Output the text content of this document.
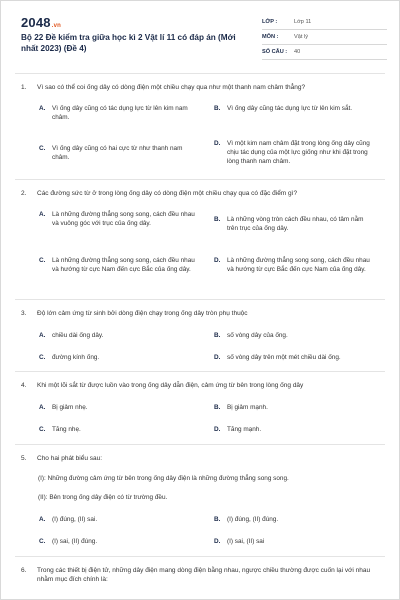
2048.vn
Bộ 22 Đề kiểm tra giữa học kì 2 Vật lí 11 có đáp án (Mới nhất 2023) (Đề 4)
LỚP :	Lớp 11
MÔN :	Vật lý
SỐ CÂU :	40
1.	Vì sao có thể coi ống dây có dòng điện một chiều chạy qua như một thanh nam châm thẳng?
A.	Vì ống dây cũng có tác dụng lực từ lên kim nam châm.
B.	Vì ống dây cũng tác dụng lực từ lên kim sắt.
C.	Vì ống dây cũng có hai cực từ như thanh nam châm.
D.	Vì một kim nam châm đặt trong lòng ống dây cũng chịu tác dụng của một lực giống như khi đặt trong lòng thanh nam châm.
2.	Các đường sức từ ở trong lòng ống dây có dòng điện một chiều chạy qua có đặc điểm gì?
A.	Là những đường thẳng song song, cách đều nhau và vuông góc với trục của ống dây.
B.	Là những vòng tròn cách đều nhau, có tâm nằm trên trục của ống dây.
C.	Là những đường thẳng song song, cách đều nhau và hướng từ cực Nam đến cực Bắc của ống dây.
D.	Là những đường thẳng song song, cách đều nhau và hướng từ cực Bắc đến cực Nam của ống dây.
3.	Độ lớn cảm ứng từ sinh bởi dòng điện chạy trong ống dây tròn phụ thuộc
A.	chiều dài ống dây.	B.	số vòng dây của ống.
C.	đường kính ống.	D.	số vòng dây trên một mét chiều dài ống.
4.	Khi một lõi sắt từ được luồn vào trong ống dây dẫn điện, cảm ứng từ bên trong lòng ống dây
A.	Bị giảm nhẹ.	B.	Bị giảm mạnh.
C.	Tăng nhẹ.	D.	Tăng mạnh.
5.	Cho hai phát biểu sau:
(I): Những đường cảm ứng từ bên trong ống dây điện là những đường thẳng song song.
(II): Bên trong ống dây điện có từ trường đều.
A.	(I) đúng, (II) sai.	B.	(I) đúng, (II) đúng.
C.	(I) sai, (II) đúng.	D.	(I) sai, (II) sai
6.	Trong các thiết bị điện tử, những dây điện mang dòng điện bằng nhau, ngược chiều thường được cuốn lại với nhau nhằm mục đích chính là:
